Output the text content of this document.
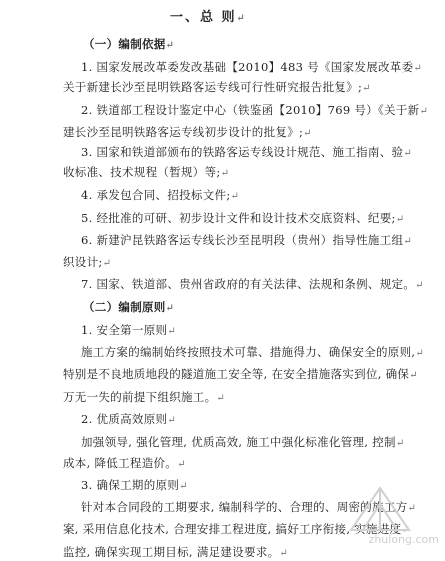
一、总 则↵
（一）编制依据↵
1. 国家发展改革委发改基础【2010】483 号《国家发展改革委↵
关于新建长沙至昆明铁路客运专线可行性研究报告批复》;↵
2. 铁道部工程设计鉴定中心（铁鉴函【2010】769 号）《关于新↵
建长沙至昆明铁路客运专线初步设计的批复》;↵
3. 国家和铁道部颁布的铁路客运专线设计规范、施工指南、验↵
收标准、技术规程（暂规）等;↵
4. 承发包合同、招投标文件;↵
5. 经批准的可研、初步设计文件和设计技术交底资料、纪要;↵
6. 新建沪昆铁路客运专线长沙至昆明段（贵州）指导性施工组↵
织设计;↵
7. 国家、铁道部、贵州省政府的有关法律、法规和条例、规定。↵
（二）编制原则↵
1. 安全第一原则↵
施工方案的编制始终按照技术可靠、措施得力、确保安全的原则,↵
特别是不良地质地段的隧道施工安全等, 在安全措施落实到位, 确保↵
万无一失的前提下组织施工。↵
2. 优质高效原则↵
加强领导, 强化管理, 优质高效, 施工中强化标准化管理, 控制↵
成本, 降低工程造价。↵
3. 确保工期的原则↵
针对本合同段的工期要求, 编制科学的、合理的、周密的施工方↵
案, 采用信息化技术, 合理安排工程进度, 搞好工序衔接, 实施进度↵
监控, 确保实现工期目标, 满足建设要求。↵
zhulong.com
